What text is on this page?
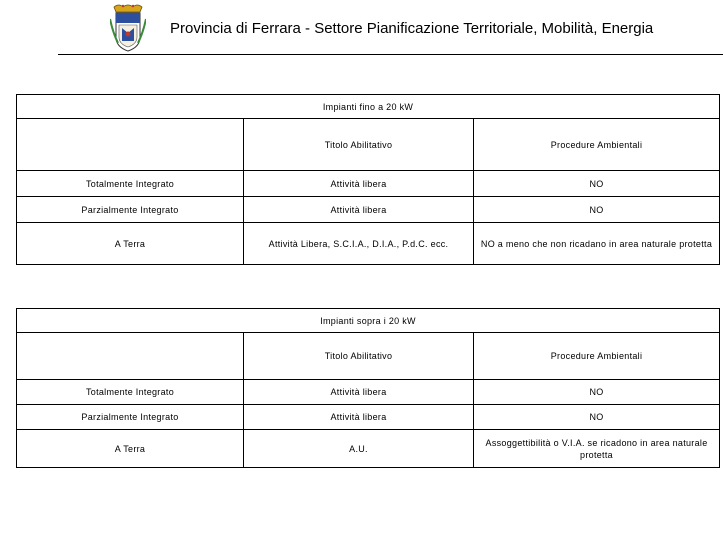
Provincia di Ferrara - Settore Pianificazione Territoriale, Mobilità, Energia
Impianti fino a 20 kW		
	Titolo Abilitativo	Procedure Ambientali
Totalmente Integrato	Attività libera	NO
Parzialmente Integrato	Attività libera	NO
A Terra	Attività Libera, S.C.I.A., D.I.A., P.d.C. ecc.	NO a meno che non ricadano in area naturale protetta
Impianti sopra i 20 kW		
	Titolo Abilitativo	Procedure Ambientali
Totalmente Integrato	Attività libera	NO
Parzialmente Integrato	Attività libera	NO
A Terra	A.U.	Assoggettibilità o V.I.A. se ricadono in area naturale protetta
